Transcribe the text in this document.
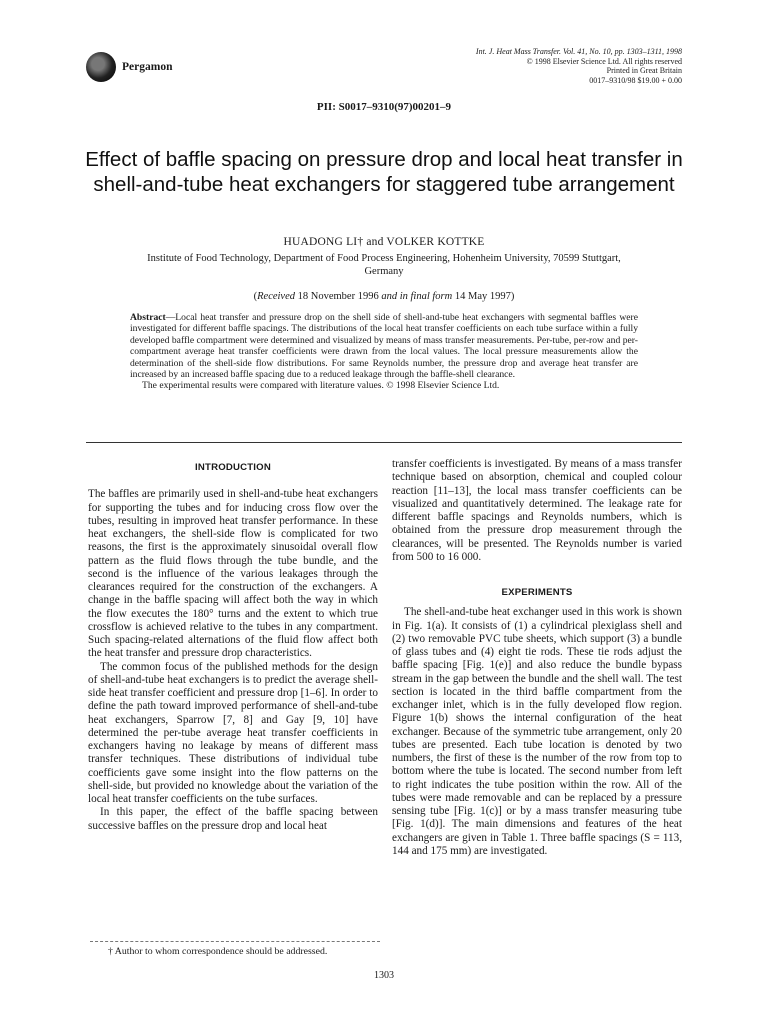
Pergamon
Int. J. Heat Mass Transfer. Vol. 41, No. 10, pp. 1303–1311, 1998
© 1998 Elsevier Science Ltd. All rights reserved
Printed in Great Britain
0017–9310/98 $19.00 + 0.00
PII: S0017–9310(97)00201–9
Effect of baffle spacing on pressure drop and local heat transfer in shell-and-tube heat exchangers for staggered tube arrangement
HUADONG LI† and VOLKER KOTTKE
Institute of Food Technology, Department of Food Process Engineering, Hohenheim University, 70599 Stuttgart, Germany
(Received 18 November 1996 and in final form 14 May 1997)

Abstract—Local heat transfer and pressure drop on the shell side of shell-and-tube heat exchangers with segmental baffles were investigated for different baffle spacings. The distributions of the local heat transfer coefficients on each tube surface within a fully developed baffle compartment were determined and visualized by means of mass transfer measurements. Per-tube, per-row and per-compartment average heat transfer coefficients were drawn from the local values. The local pressure measurements allow the determination of the shell-side flow distributions. For same Reynolds number, the pressure drop and average heat transfer are increased by an increased baffle spacing due to a reduced leakage through the baffle-shell clearance.
The experimental results were compared with literature values. © 1998 Elsevier Science Ltd.

INTRODUCTION

The baffles are primarily used in shell-and-tube heat exchangers for supporting the tubes and for inducing cross flow over the tubes, resulting in improved heat transfer performance. In these heat exchangers, the shell-side flow is complicated for two reasons, the first is the approximately sinusoidal overall flow pattern as the fluid flows through the tube bundle, and the second is the influence of the various leakages through the clearances required for the construction of the exchangers. A change in the baffle spacing will affect both the way in which the flow executes the 180° turns and the extent to which true crossflow is achieved relative to the tubes in any compartment. Such spacing-related alternations of the fluid flow affect both the heat transfer and pressure drop characteristics.

The common focus of the published methods for the design of shell-and-tube heat exchangers is to predict the average shell-side heat transfer coefficient and pressure drop [1–6]. In order to define the path toward improved performance of shell-and-tube heat exchangers, Sparrow [7, 8] and Gay [9, 10] have determined the per-tube average heat transfer coefficients in exchangers having no leakage by means of different mass transfer techniques. These distributions of individual tube coefficients gave some insight into the flow patterns on the shell-side, but provided no knowledge about the variation of the local heat transfer coefficients on the tube surfaces.

In this paper, the effect of the baffle spacing between successive baffles on the pressure drop and local heat

transfer coefficients is investigated. By means of a mass transfer technique based on absorption, chemical and coupled colour reaction [11–13], the local mass transfer coefficients can be visualized and quantitatively determined. The leakage rate for different baffle spacings and Reynolds numbers, which is obtained from the pressure drop measurement through the clearances, will be presented. The Reynolds number is varied from 500 to 16 000.

EXPERIMENTS

The shell-and-tube heat exchanger used in this work is shown in Fig. 1(a). It consists of (1) a cylindrical plexiglass shell and (2) two removable PVC tube sheets, which support (3) a bundle of glass tubes and (4) eight tie rods. These tie rods adjust the baffle spacing [Fig. 1(e)] and also reduce the bundle bypass stream in the gap between the bundle and the shell wall. The test section is located in the third baffle compartment from the exchanger inlet, which is in the fully developed flow region. Figure 1(b) shows the internal configuration of the heat exchanger. Because of the symmetric tube arrangement, only 20 tubes are presented. Each tube location is denoted by two numbers, the first of these is the number of the row from top to bottom where the tube is located. The second number from left to right indicates the tube position within the row. All of the tubes were made removable and can be replaced by a pressure sensing tube [Fig. 1(c)] or by a mass transfer measuring tube [Fig. 1(d)]. The main dimensions and features of the heat exchangers are given in Table 1. Three baffle spacings (S = 113, 144 and 175 mm) are investigated.

† Author to whom correspondence should be addressed.
1303
